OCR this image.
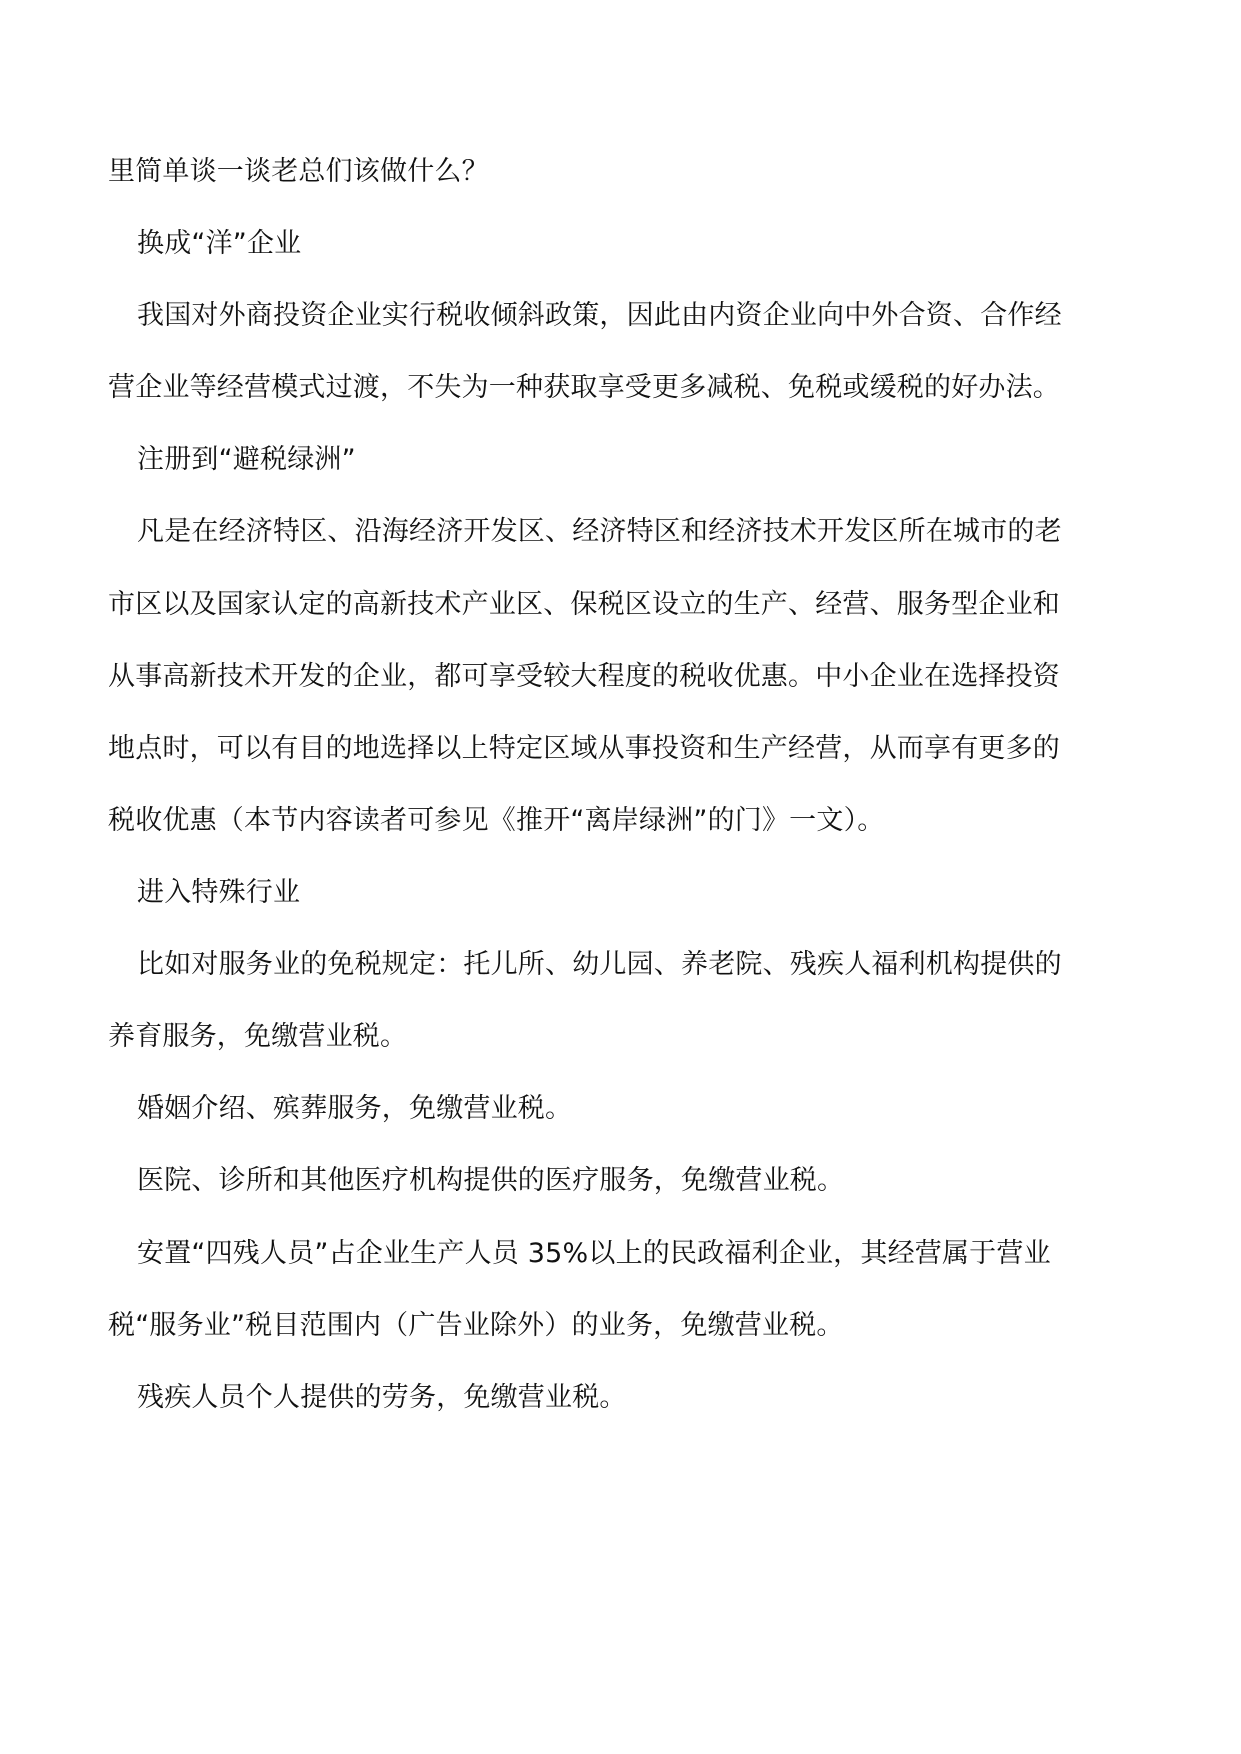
里简单谈一谈老总们该做什么？
换成“洋”企业
我国对外商投资企业实行税收倾斜政策，因此由内资企业向中外合资、合作经
营企业等经营模式过渡，不失为一种获取享受更多减税、免税或缓税的好办法。
注册到“避税绿洲”
凡是在经济特区、沿海经济开发区、经济特区和经济技术开发区所在城市的老
市区以及国家认定的高新技术产业区、保税区设立的生产、经营、服务型企业和
从事高新技术开发的企业，都可享受较大程度的税收优惠。中小企业在选择投资
地点时，可以有目的地选择以上特定区域从事投资和生产经营，从而享有更多的
税收优惠（本节内容读者可参见《推开“离岸绿洲”的门》一文）。
进入特殊行业
比如对服务业的免税规定：托儿所、幼儿园、养老院、残疾人福利机构提供的
养育服务，免缴营业税。
婚姻介绍、殡葬服务，免缴营业税。
医院、诊所和其他医疗机构提供的医疗服务，免缴营业税。
安置“四残人员”占企业生产人员 35%以上的民政福利企业，其经营属于营业
税“服务业”税目范围内（广告业除外）的业务，免缴营业税。
残疾人员个人提供的劳务，免缴营业税。
